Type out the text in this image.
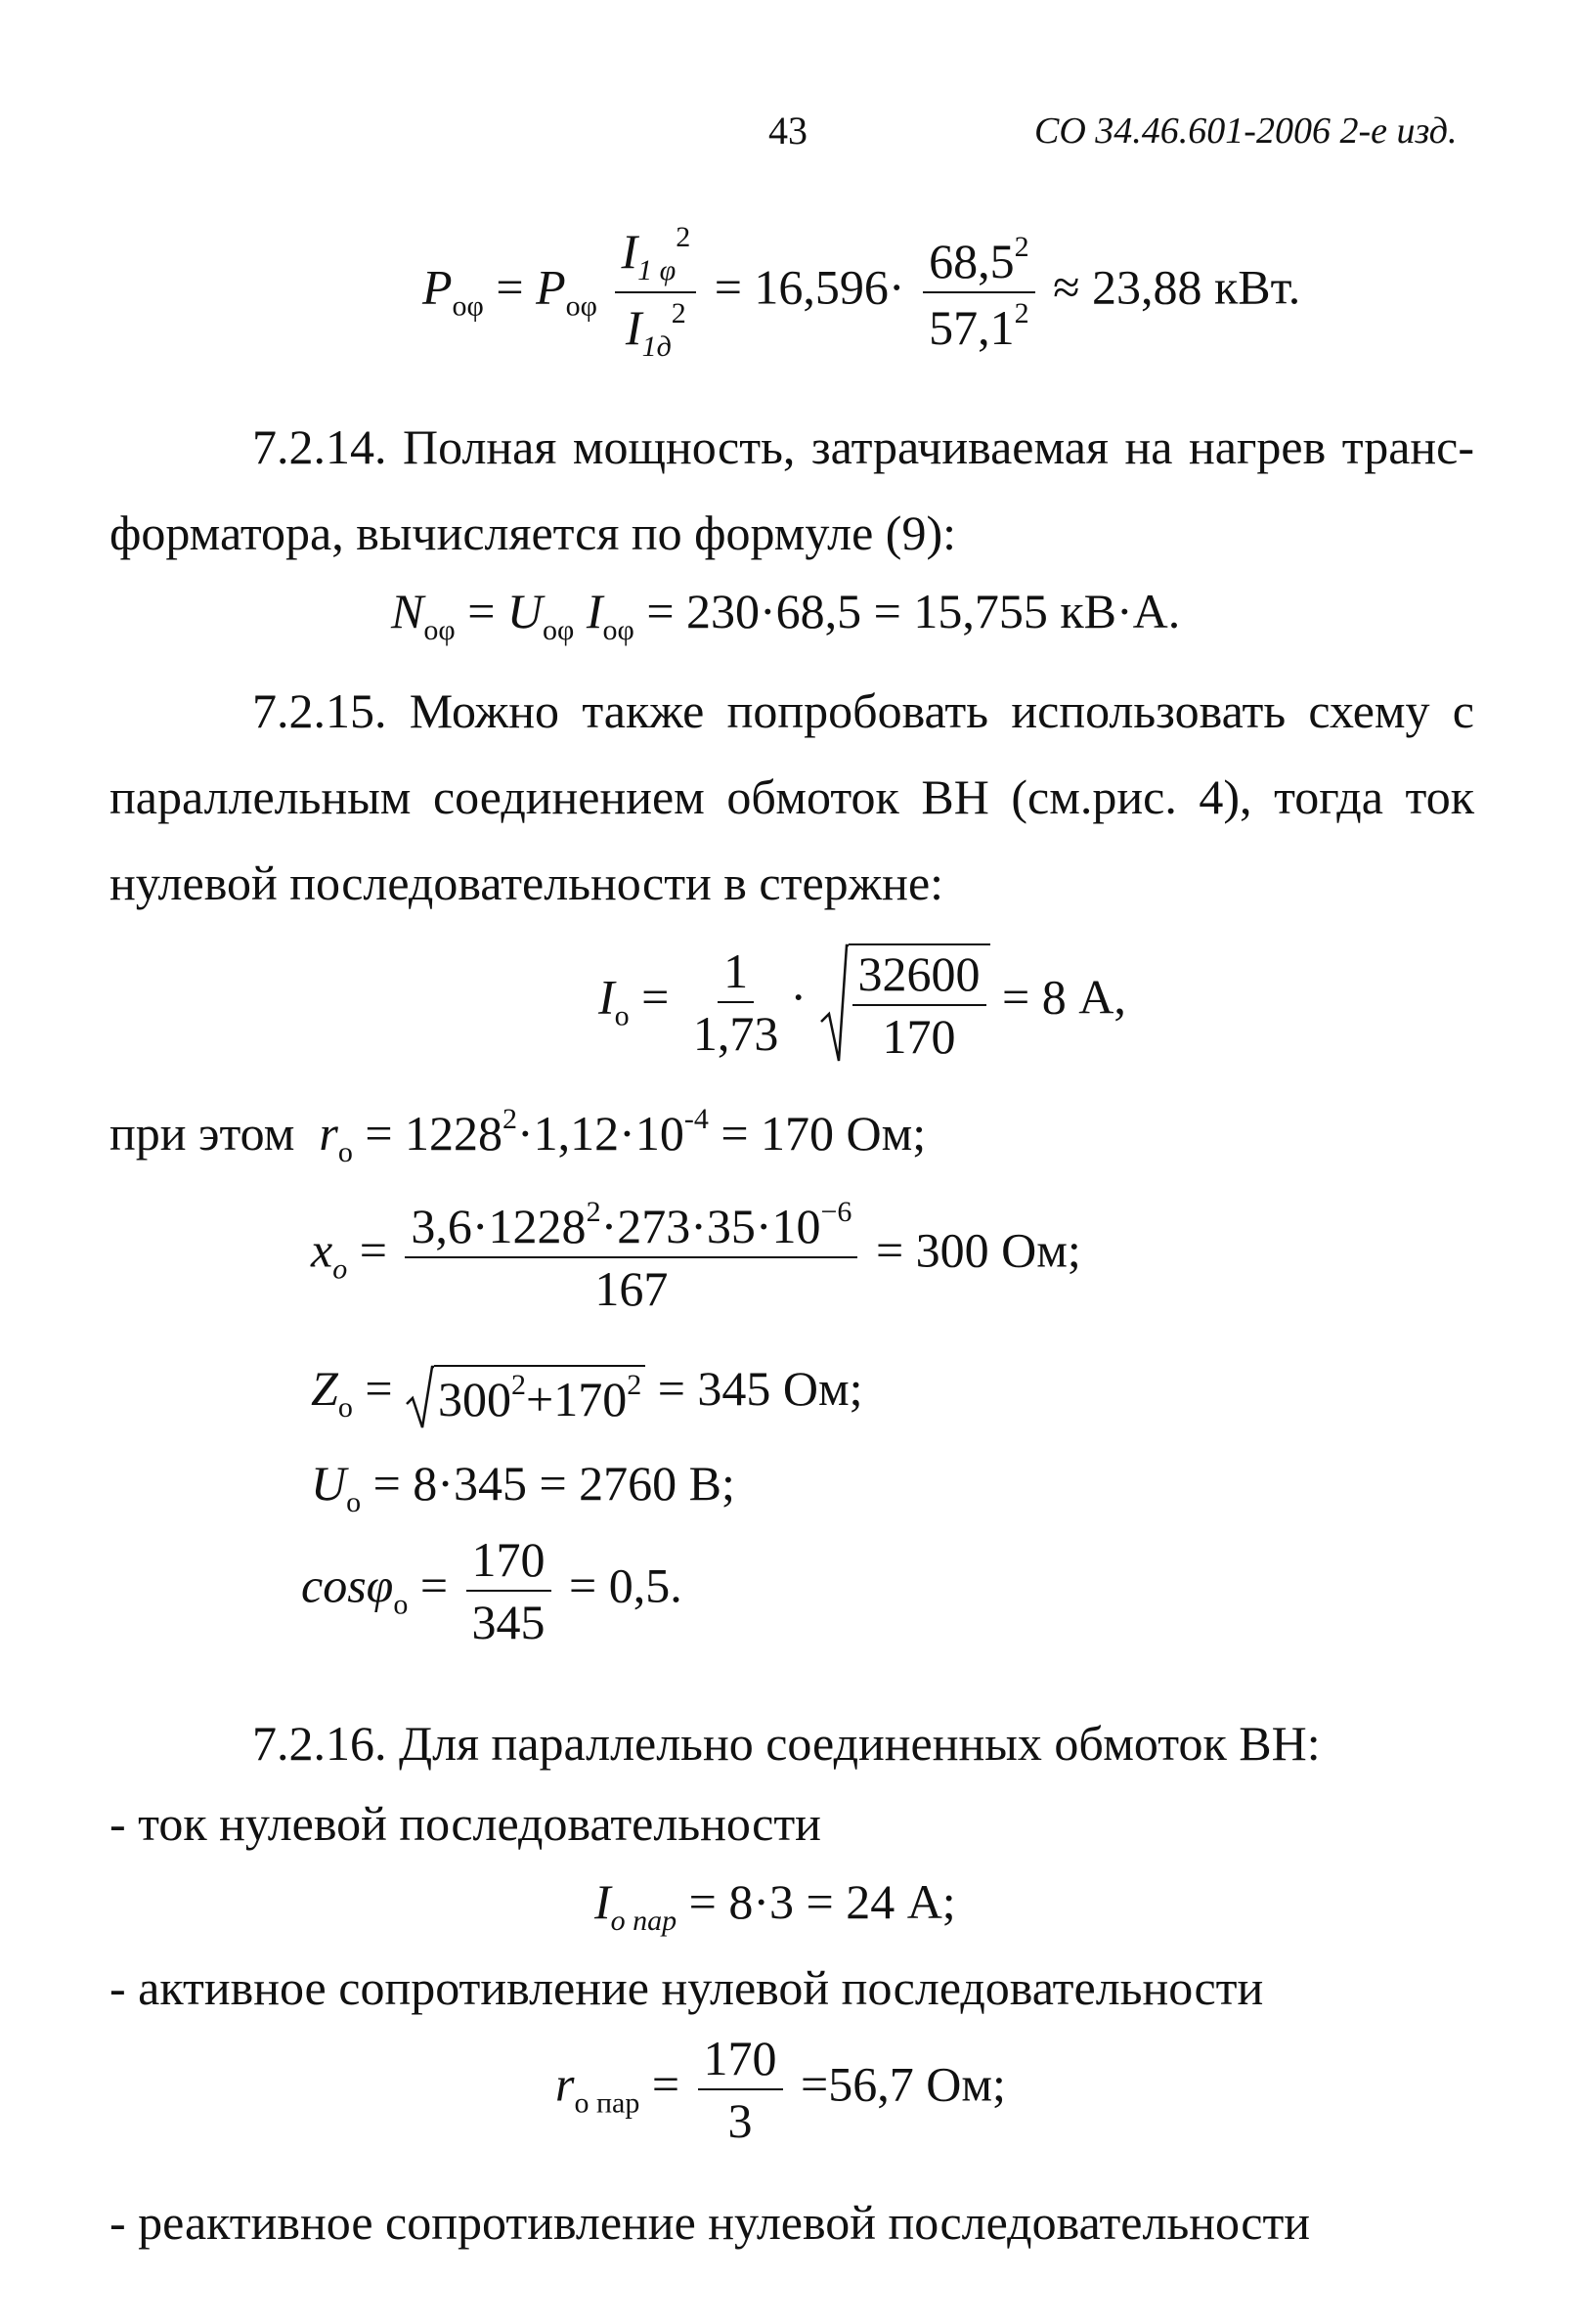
43	СО 34.46.601-2006 2-е изд.
$P_{о\varphi} = P_{о\varphi} \frac{I_{1 \varphi}^2}{I_{1д}^2} = 16,596\cdot \frac{68,5^2}{57,1^2} \approx 23,88$ кВт.
7.2.14. Полная мощность, затрачиваемая на нагрев транс-
форматора, вычисляется по формуле (9):
$N_{о\varphi} = U_{о\varphi}$ $I_{о\varphi} = 230\cdot 68,5 = 15,755$ кВ·А.
7.2.15. Можно также попробовать использовать схему с
параллельным соединением обмоток ВН (см.рис. 4), тогда ток
нулевой последовательности в стержне:
$I_о = \frac{1}{1,73} \cdot \frac{32600}{170} = 8$ А,
при этом $r_о = 1228^2\cdot 1,12\cdot 10^{-4} = 170$ Ом;
$x_o = \frac{3,6\cdot 1228^2\cdot 273\cdot 35\cdot 10^{-6}}{167} = 300$ Ом;
$Z_о = 300^2+170^2 = 345$ Ом;
$U_о = 8\cdot 345 = 2760$ В;
$\cos\varphi_о = \frac{170}{345} = 0,5$.
7.2.16. Для параллельно соединенных обмоток ВН:
- ток нулевой последовательности
$I_{о пар} = 8\cdot 3 = 24$ А;
- активное сопротивление нулевой последовательности
$r_{о пар} = \frac{170}{3} =56,7$ Ом;
- реактивное сопротивление нулевой последовательности
